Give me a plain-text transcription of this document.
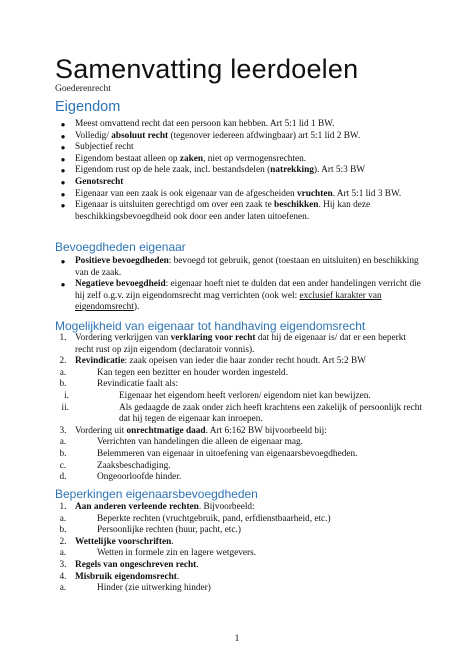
Samenvatting leerdoelen
Goederenrecht
Eigendom
●	Meest omvattend recht dat een persoon kan hebben. Art 5:1 lid 1 BW.
●	Volledig/ absoluut recht (tegenover iedereen afdwingbaar) art 5:1 lid 2 BW.
●	Subjectief recht
●	Eigendom bestaat alleen op zaken, niet op vermogensrechten.
●	Eigendom rust op de hele zaak, incl. bestandsdelen (natrekking). Art 5:3 BW
●	Genotsrecht
●	Eigenaar van een zaak is ook eigenaar van de afgescheiden vruchten. Art 5:1 lid 3 BW.
●	Eigenaar is uitsluiten gerechtigd om over een zaak te beschikken. Hij kan deze beschikkingsbevoegdheid ook door een ander laten uitoefenen.
Bevoegdheden eigenaar
●	Positieve bevoegdheden: bevoegd tot gebruik, genot (toestaan en uitsluiten) en beschikking van de zaak.
●	Negatieve bevoegdheid: eigenaar hoeft niet te dulden dat een ander handelingen verricht die hij zelf o.g.v. zijn eigendomsrecht mag verrichten (ook wel: exclusief karakter van eigendomsrecht).
Mogelijkheid van eigenaar tot handhaving eigendomsrecht
1. Vordering verkrijgen van verklaring voor recht dat hij de eigenaar is/ dat er een beperkt recht rust op zijn eigendom (declaratoir vonnis).
2. Revindicatie: zaak opeisen van ieder die haar zonder recht houdt. Art 5:2 BW
a.	Kan tegen een bezitter en houder worden ingesteld.
b.	Revindicatie faalt als:
i.	Eigenaar het eigendom heeft verloren/ eigendom niet kan bewijzen.
ii.	Als gedaagde de zaak onder zich heeft krachtens een zakelijk of persoonlijk recht dat hij tegen de eigenaar kan inroepen.
3. Vordering uit onrechtmatige daad. Art 6:162 BW bijvoorbeeld bij:
a.	Verrichten van handelingen die alleen de eigenaar mag.
b.	Belemmeren van eigenaar in uitoefening van eigenaarsbevoegdheden.
c.	Zaaksbeschadiging.
d.	Ongeoorloofde hinder.
Beperkingen eigenaarsbevoegdheden
1. Aan anderen verleende rechten. Bijvoorbeeld:
a.	Beperkte rechten (vruchtgebruik, pand, erfdienstbaarheid, etc.)
b.	Persoonlijke rechten (huur, pacht, etc.)
2. Wettelijke voorschriften.
a.	Wetten in formele zin en lagere wetgevers.
3. Regels van ongeschreven recht.
4. Misbruik eigendomsrecht.
a.	Hinder (zie uitwerking hinder)
1
